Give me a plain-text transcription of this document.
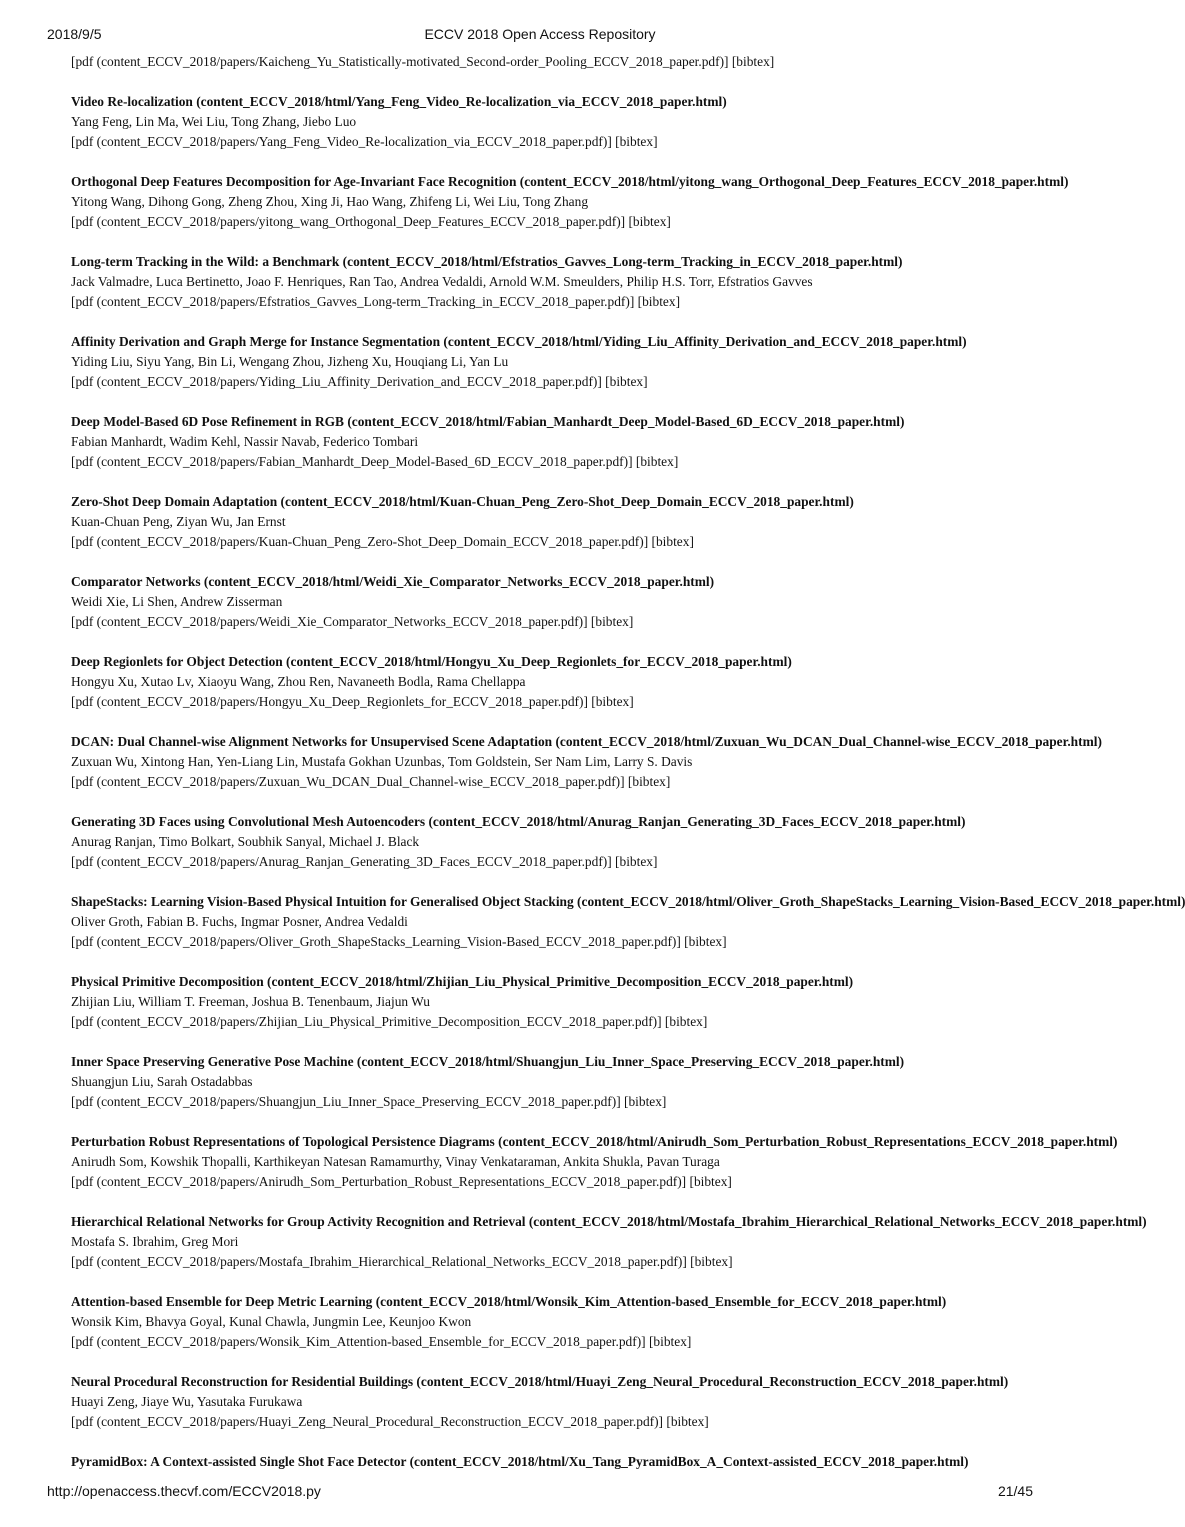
ECCV 2018 Open Access Repository
2018/9/5
[pdf (content_ECCV_2018/papers/Kaicheng_Yu_Statistically-motivated_Second-order_Pooling_ECCV_2018_paper.pdf)] [bibtex]
Video Re-localization (content_ECCV_2018/html/Yang_Feng_Video_Re-localization_via_ECCV_2018_paper.html)
Yang Feng, Lin Ma, Wei Liu, Tong Zhang, Jiebo Luo
[pdf (content_ECCV_2018/papers/Yang_Feng_Video_Re-localization_via_ECCV_2018_paper.pdf)] [bibtex]
Orthogonal Deep Features Decomposition for Age-Invariant Face Recognition (content_ECCV_2018/html/yitong_wang_Orthogonal_Deep_Features_ECCV_2018_paper.html)
Yitong Wang, Dihong Gong, Zheng Zhou, Xing Ji, Hao Wang, Zhifeng Li, Wei Liu, Tong Zhang
[pdf (content_ECCV_2018/papers/yitong_wang_Orthogonal_Deep_Features_ECCV_2018_paper.pdf)] [bibtex]
Long-term Tracking in the Wild: a Benchmark (content_ECCV_2018/html/Efstratios_Gavves_Long-term_Tracking_in_ECCV_2018_paper.html)
Jack Valmadre, Luca Bertinetto, Joao F. Henriques, Ran Tao, Andrea Vedaldi, Arnold W.M. Smeulders, Philip H.S. Torr, Efstratios Gavves
[pdf (content_ECCV_2018/papers/Efstratios_Gavves_Long-term_Tracking_in_ECCV_2018_paper.pdf)] [bibtex]
Affinity Derivation and Graph Merge for Instance Segmentation (content_ECCV_2018/html/Yiding_Liu_Affinity_Derivation_and_ECCV_2018_paper.html)
Yiding Liu, Siyu Yang, Bin Li, Wengang Zhou, Jizheng Xu, Houqiang Li, Yan Lu
[pdf (content_ECCV_2018/papers/Yiding_Liu_Affinity_Derivation_and_ECCV_2018_paper.pdf)] [bibtex]
Deep Model-Based 6D Pose Refinement in RGB (content_ECCV_2018/html/Fabian_Manhardt_Deep_Model-Based_6D_ECCV_2018_paper.html)
Fabian Manhardt, Wadim Kehl, Nassir Navab, Federico Tombari
[pdf (content_ECCV_2018/papers/Fabian_Manhardt_Deep_Model-Based_6D_ECCV_2018_paper.pdf)] [bibtex]
Zero-Shot Deep Domain Adaptation (content_ECCV_2018/html/Kuan-Chuan_Peng_Zero-Shot_Deep_Domain_ECCV_2018_paper.html)
Kuan-Chuan Peng, Ziyan Wu, Jan Ernst
[pdf (content_ECCV_2018/papers/Kuan-Chuan_Peng_Zero-Shot_Deep_Domain_ECCV_2018_paper.pdf)] [bibtex]
Comparator Networks (content_ECCV_2018/html/Weidi_Xie_Comparator_Networks_ECCV_2018_paper.html)
Weidi Xie, Li Shen, Andrew Zisserman
[pdf (content_ECCV_2018/papers/Weidi_Xie_Comparator_Networks_ECCV_2018_paper.pdf)] [bibtex]
Deep Regionlets for Object Detection (content_ECCV_2018/html/Hongyu_Xu_Deep_Regionlets_for_ECCV_2018_paper.html)
Hongyu Xu, Xutao Lv, Xiaoyu Wang, Zhou Ren, Navaneeth Bodla, Rama Chellappa
[pdf (content_ECCV_2018/papers/Hongyu_Xu_Deep_Regionlets_for_ECCV_2018_paper.pdf)] [bibtex]
DCAN: Dual Channel-wise Alignment Networks for Unsupervised Scene Adaptation (content_ECCV_2018/html/Zuxuan_Wu_DCAN_Dual_Channel-wise_ECCV_2018_paper.html)
Zuxuan Wu, Xintong Han, Yen-Liang Lin, Mustafa Gokhan Uzunbas, Tom Goldstein, Ser Nam Lim, Larry S. Davis
[pdf (content_ECCV_2018/papers/Zuxuan_Wu_DCAN_Dual_Channel-wise_ECCV_2018_paper.pdf)] [bibtex]
Generating 3D Faces using Convolutional Mesh Autoencoders (content_ECCV_2018/html/Anurag_Ranjan_Generating_3D_Faces_ECCV_2018_paper.html)
Anurag Ranjan, Timo Bolkart, Soubhik Sanyal, Michael J. Black
[pdf (content_ECCV_2018/papers/Anurag_Ranjan_Generating_3D_Faces_ECCV_2018_paper.pdf)] [bibtex]
ShapeStacks: Learning Vision-Based Physical Intuition for Generalised Object Stacking (content_ECCV_2018/html/Oliver_Groth_ShapeStacks_Learning_Vision-Based_ECCV_2018_paper.html)
Oliver Groth, Fabian B. Fuchs, Ingmar Posner, Andrea Vedaldi
[pdf (content_ECCV_2018/papers/Oliver_Groth_ShapeStacks_Learning_Vision-Based_ECCV_2018_paper.pdf)] [bibtex]
Physical Primitive Decomposition (content_ECCV_2018/html/Zhijian_Liu_Physical_Primitive_Decomposition_ECCV_2018_paper.html)
Zhijian Liu, William T. Freeman, Joshua B. Tenenbaum, Jiajun Wu
[pdf (content_ECCV_2018/papers/Zhijian_Liu_Physical_Primitive_Decomposition_ECCV_2018_paper.pdf)] [bibtex]
Inner Space Preserving Generative Pose Machine (content_ECCV_2018/html/Shuangjun_Liu_Inner_Space_Preserving_ECCV_2018_paper.html)
Shuangjun Liu, Sarah Ostadabbas
[pdf (content_ECCV_2018/papers/Shuangjun_Liu_Inner_Space_Preserving_ECCV_2018_paper.pdf)] [bibtex]
Perturbation Robust Representations of Topological Persistence Diagrams (content_ECCV_2018/html/Anirudh_Som_Perturbation_Robust_Representations_ECCV_2018_paper.html)
Anirudh Som, Kowshik Thopalli, Karthikeyan Natesan Ramamurthy, Vinay Venkataraman, Ankita Shukla, Pavan Turaga
[pdf (content_ECCV_2018/papers/Anirudh_Som_Perturbation_Robust_Representations_ECCV_2018_paper.pdf)] [bibtex]
Hierarchical Relational Networks for Group Activity Recognition and Retrieval (content_ECCV_2018/html/Mostafa_Ibrahim_Hierarchical_Relational_Networks_ECCV_2018_paper.html)
Mostafa S. Ibrahim, Greg Mori
[pdf (content_ECCV_2018/papers/Mostafa_Ibrahim_Hierarchical_Relational_Networks_ECCV_2018_paper.pdf)] [bibtex]
Attention-based Ensemble for Deep Metric Learning (content_ECCV_2018/html/Wonsik_Kim_Attention-based_Ensemble_for_ECCV_2018_paper.html)
Wonsik Kim, Bhavya Goyal, Kunal Chawla, Jungmin Lee, Keunjoo Kwon
[pdf (content_ECCV_2018/papers/Wonsik_Kim_Attention-based_Ensemble_for_ECCV_2018_paper.pdf)] [bibtex]
Neural Procedural Reconstruction for Residential Buildings (content_ECCV_2018/html/Huayi_Zeng_Neural_Procedural_Reconstruction_ECCV_2018_paper.html)
Huayi Zeng, Jiaye Wu, Yasutaka Furukawa
[pdf (content_ECCV_2018/papers/Huayi_Zeng_Neural_Procedural_Reconstruction_ECCV_2018_paper.pdf)] [bibtex]
PyramidBox: A Context-assisted Single Shot Face Detector (content_ECCV_2018/html/Xu_Tang_PyramidBox_A_Context-assisted_ECCV_2018_paper.html)
http://openaccess.thecvf.com/ECCV2018.py	21/45
